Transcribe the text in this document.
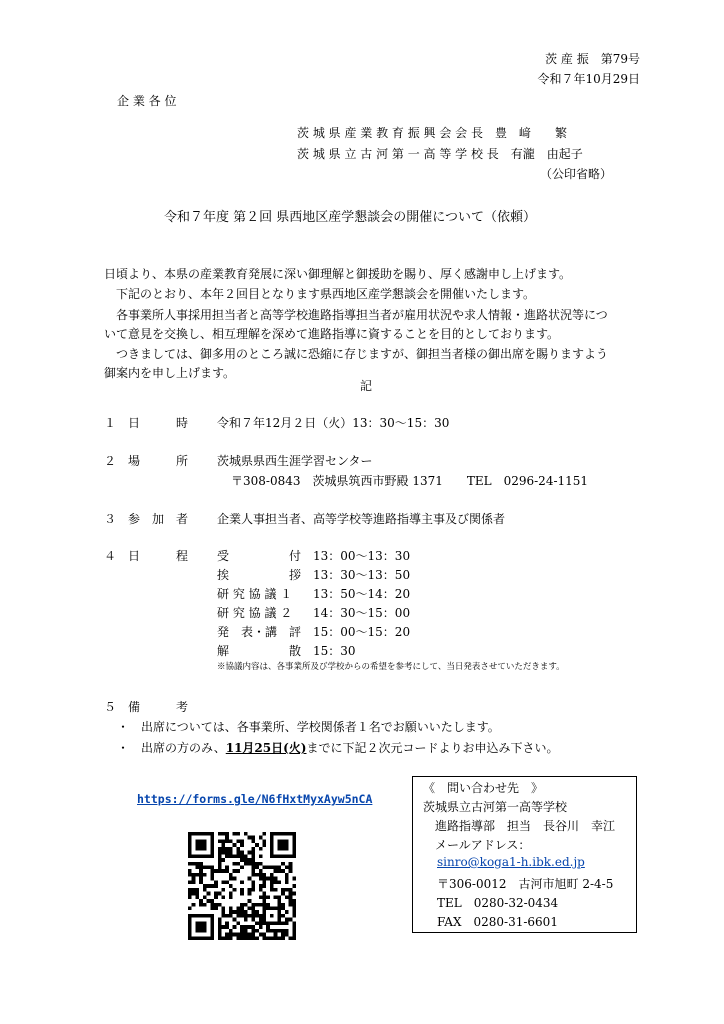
茨 産 振　第79号
令和７年10月29日
企 業 各 位
茨 城 県 産 業 教 育 振 興 会 会 長　豊　﨑　　繁
茨 城 県 立 古 河 第 一 高 等 学 校 長　有瀧　由起子
（公印省略）
令和７年度 第２回 県西地区産学懇談会の開催について（依頼）
日頃より、本県の産業教育発展に深い御理解と御援助を賜り、厚く感謝申し上げます。
　下記のとおり、本年２回目となります県西地区産学懇談会を開催いたします。
　各事業所人事採用担当者と高等学校進路指導担当者が雇用状況や求人情報・進路状況等につ
いて意見を交換し、相互理解を深めて進路指導に資することを目的としております。
　つきましては、御多用のところ誠に恐縮に存じますが、御担当者様の御出席を賜りますよう
御案内を申し上げます。
記
１　日　　　時 令和７年12月２日（火）13：30～15：30
２　場　　　所 茨城県県西生涯学習センター
〒308-0843　茨城県筑西市野殿 1371　　TEL　0296-24-1151
３　参　加　者 企業人事担当者、高等学校等進路指導主事及び関係者
４　日　　　程 受　　　　　付 13：00～13：30
挨　　　　　拶 13：30～13：50
研 究 協 議 １ 13：50～14：20
研 究 協 議 ２ 14：30～15：00
発　表・講　評 15：00～15：20
解　　　　　散 15：30
※協議内容は、各事業所及び学校からの希望を参考にして、当日発表させていただきます。
５　備　　　考
・　出席については、各事業所、学校関係者１名でお願いいたします。
・　出席の方のみ、11月25日(火)までに下記２次元コードよりお申込み下さい。
https://forms.gle/N6fHxtMyxAyw5nCA
《　問い合わせ先　》
茨城県立古河第一高等学校
　進路指導部　担当　長谷川　幸江
　メールアドレス：
sinro@koga1-h.ibk.ed.jp
〒306-0012　古河市旭町 2-4-5
TEL　0280-32-0434
FAX　0280-31-6601
